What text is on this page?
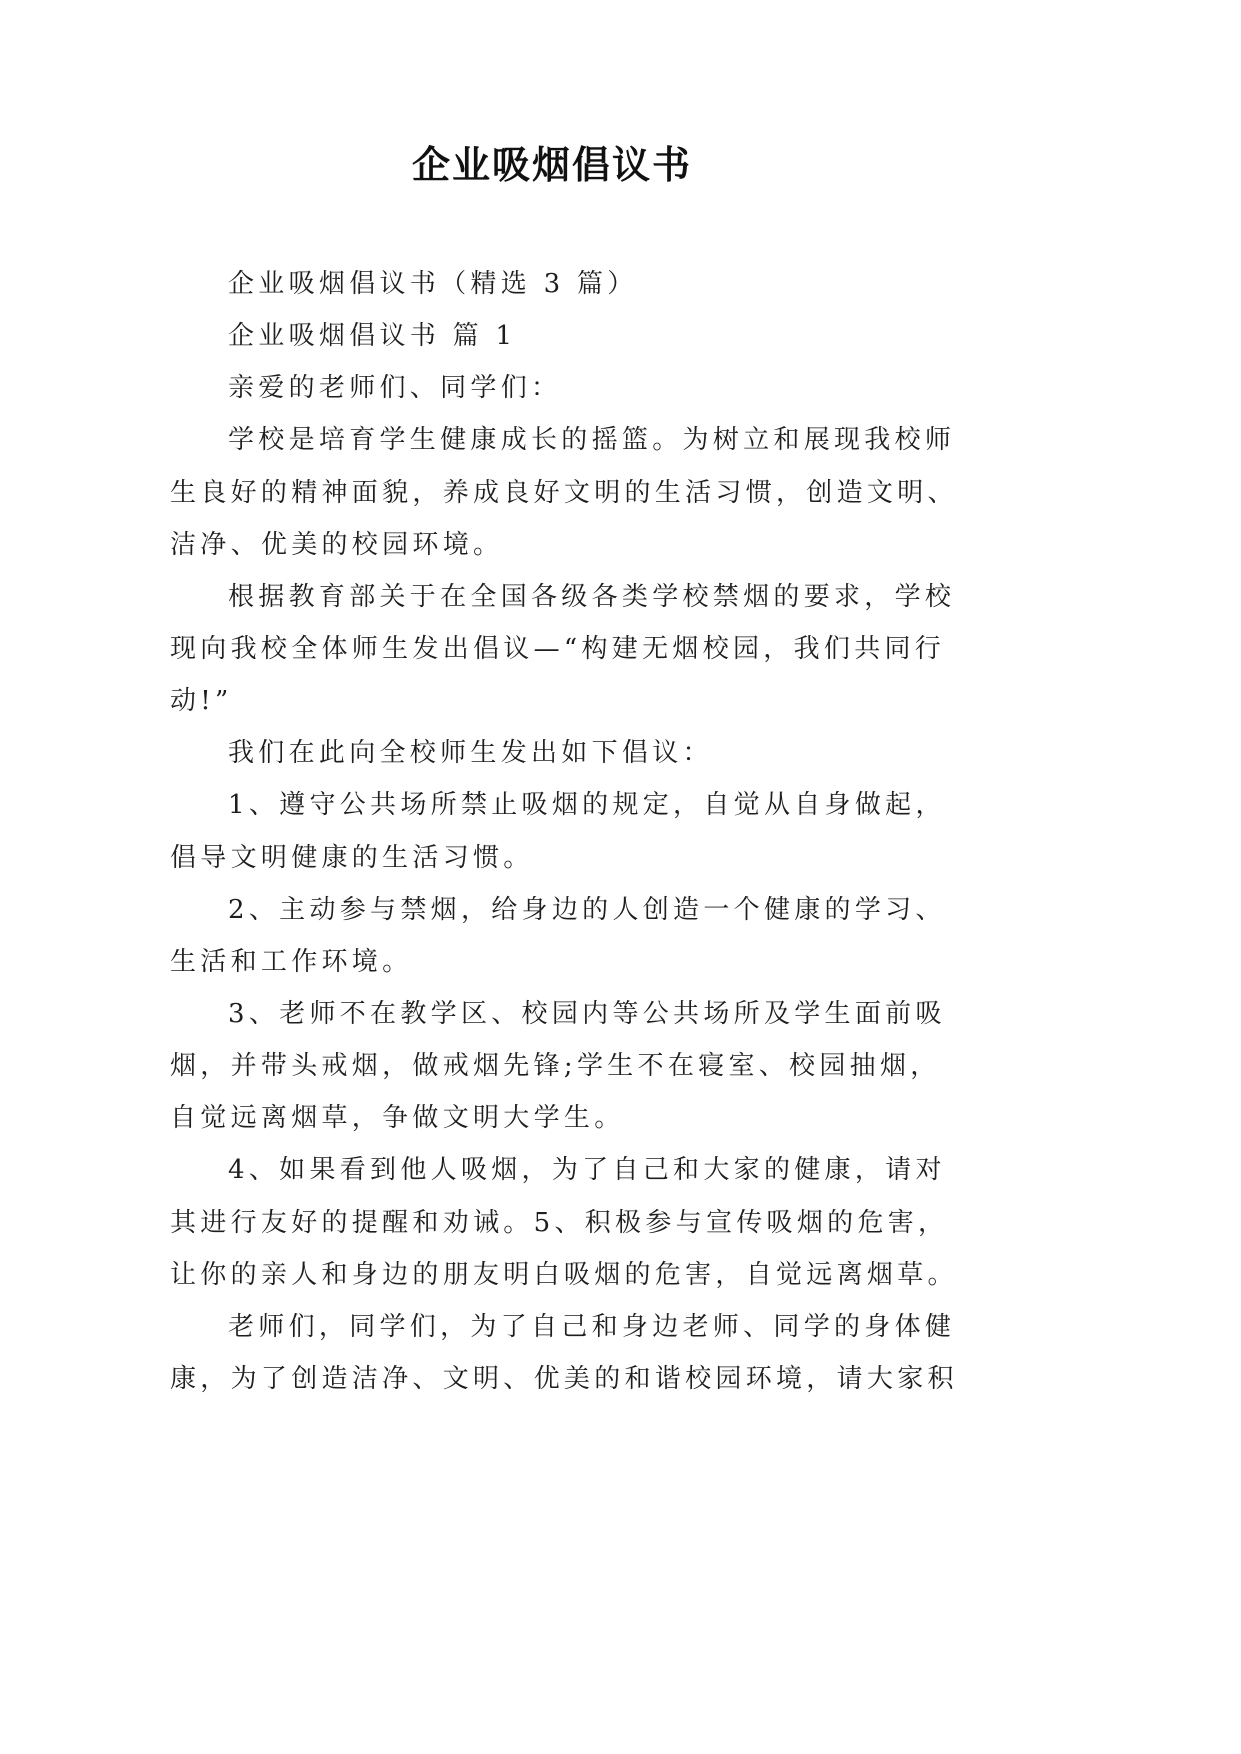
企业吸烟倡议书
企业吸烟倡议书（精选 3 篇）
企业吸烟倡议书 篇 1
亲爱的老师们、同学们：
学校是培育学生健康成长的摇篮。为树立和展现我校师
生良好的精神面貌，养成良好文明的生活习惯，创造文明、
洁净、优美的校园环境。
根据教育部关于在全国各级各类学校禁烟的要求，学校
现向我校全体师生发出倡议—“构建无烟校园，我们共同行
动!”
我们在此向全校师生发出如下倡议：
1、遵守公共场所禁止吸烟的规定，自觉从自身做起，
倡导文明健康的生活习惯。
2、主动参与禁烟，给身边的人创造一个健康的学习、
生活和工作环境。
3、老师不在教学区、校园内等公共场所及学生面前吸
烟，并带头戒烟，做戒烟先锋;学生不在寝室、校园抽烟，
自觉远离烟草，争做文明大学生。
4、如果看到他人吸烟，为了自己和大家的健康，请对
其进行友好的提醒和劝诫。5、积极参与宣传吸烟的危害，
让你的亲人和身边的朋友明白吸烟的危害，自觉远离烟草。
老师们，同学们，为了自己和身边老师、同学的身体健
康，为了创造洁净、文明、优美的和谐校园环境，请大家积
